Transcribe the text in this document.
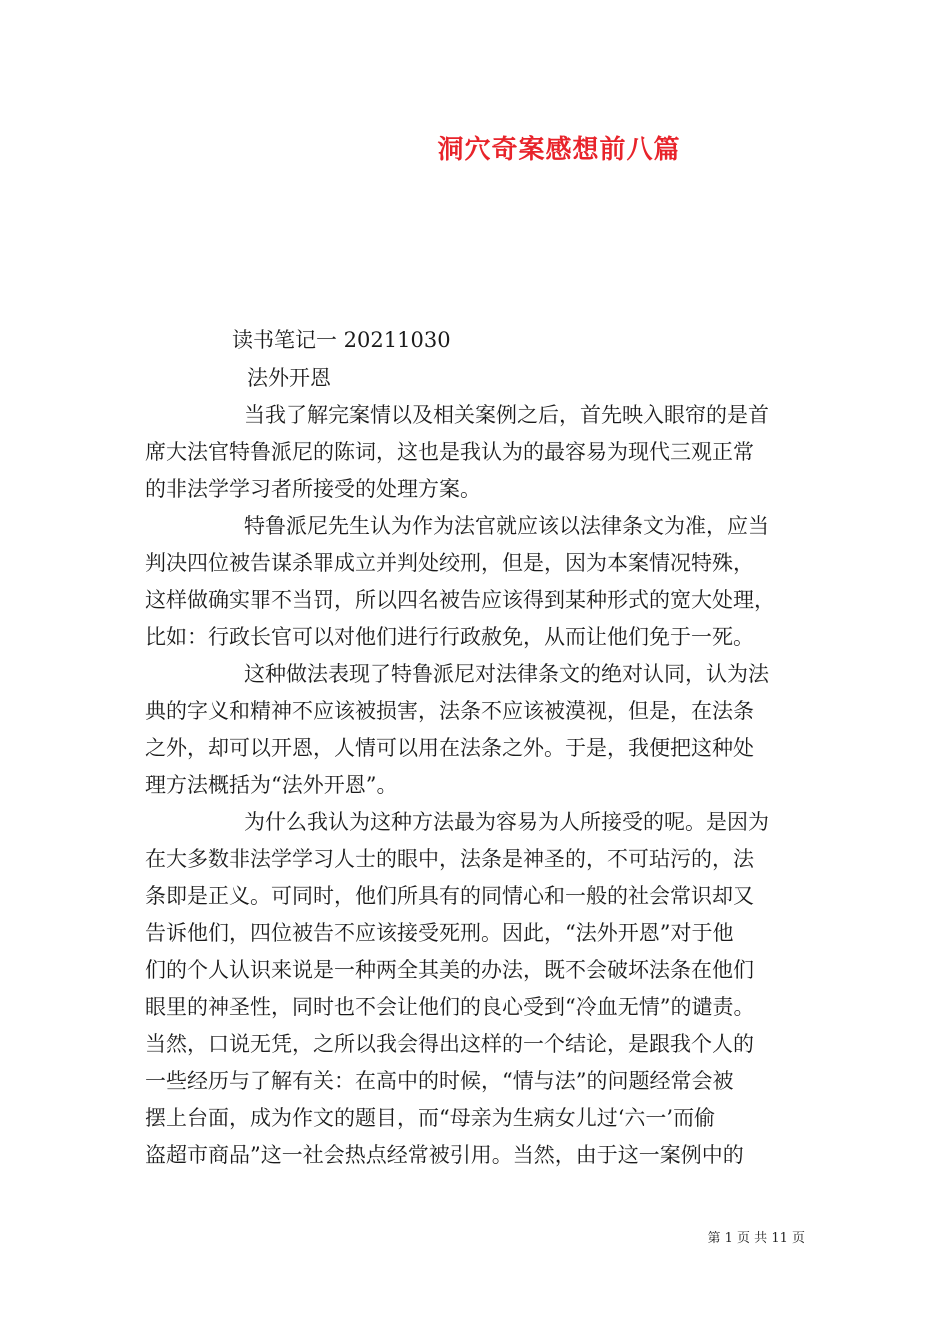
洞穴奇案感想前八篇

读书笔记一 20211030

法外开恩

当我了解完案情以及相关案例之后，首先映入眼帘的是首

席大法官特鲁派尼的陈词，这也是我认为的最容易为现代三观正常

的非法学学习者所接受的处理方案。

特鲁派尼先生认为作为法官就应该以法律条文为准，应当

判决四位被告谋杀罪成立并判处绞刑，但是，因为本案情况特殊，

这样做确实罪不当罚，所以四名被告应该得到某种形式的宽大处理，

比如：行政长官可以对他们进行行政赦免，从而让他们免于一死。

这种做法表现了特鲁派尼对法律条文的绝对认同，认为法

典的字义和精神不应该被损害，法条不应该被漠视，但是，在法条

之外，却可以开恩，人情可以用在法条之外。于是，我便把这种处

理方法概括为“法外开恩”。

为什么我认为这种方法最为容易为人所接受的呢。是因为

在大多数非法学学习人士的眼中，法条是神圣的，不可玷污的，法

条即是正义。可同时，他们所具有的同情心和一般的社会常识却又

告诉他们，四位被告不应该接受死刑。因此，“法外开恩”对于他

们的个人认识来说是一种两全其美的办法，既不会破坏法条在他们

眼里的神圣性，同时也不会让他们的良心受到“冷血无情”的谴责。

当然，口说无凭，之所以我会得出这样的一个结论，是跟我个人的

一些经历与了解有关：在高中的时候，“情与法”的问题经常会被

摆上台面，成为作文的题目，而“母亲为生病女儿过‘六一’而偷

盗超市商品”这一社会热点经常被引用。当然，由于这一案例中的

第 1 页 共 11 页
